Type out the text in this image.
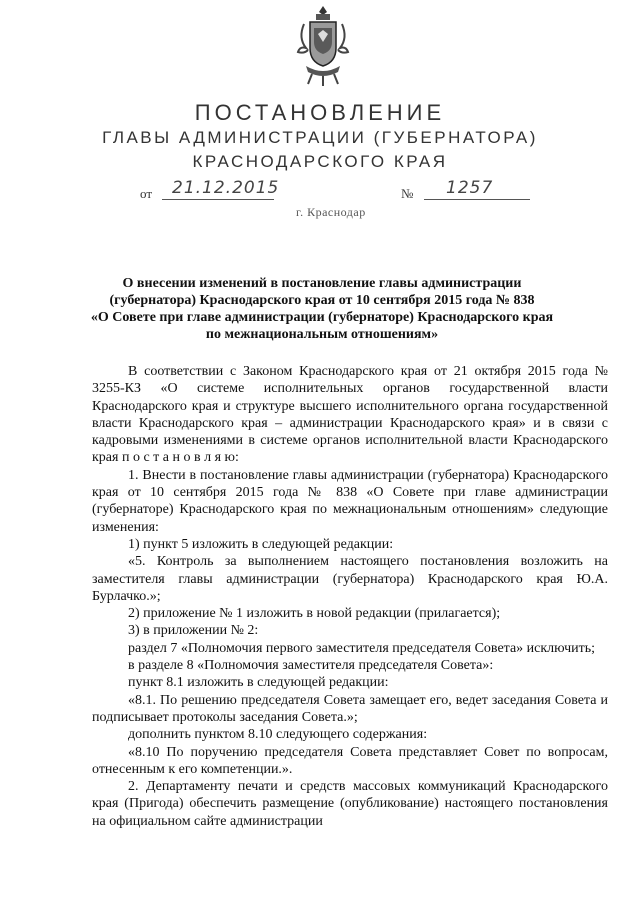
ПОСТАНОВЛЕНИЕ
ГЛАВЫ АДМИНИСТРАЦИИ (ГУБЕРНАТОРА)
КРАСНОДАРСКОГО КРАЯ
от 21.12.2015	№ 1257
г. Краснодар
О внесении изменений в постановление главы администрации
(губернатора) Краснодарского края от 10 сентября 2015 года № 838
«О Совете при главе администрации (губернаторе) Краснодарского края
по межнациональным отношениям»

В соответствии с Законом Краснодарского края от 21 октября 2015 года № 3255-КЗ «О системе исполнительных органов государственной власти Краснодарского края и структуре высшего исполнительного органа государственной власти Краснодарского края – администрации Краснодарского края» и в связи с кадровыми изменениями в системе органов исполнительной власти Краснодарского края п о с т а н о в л я ю:

1. Внести в постановление главы администрации (губернатора) Краснодарского края от 10 сентября 2015 года № 838 «О Совете при главе администрации (губернаторе) Краснодарского края по межнациональным отношениям» следующие изменения:

1) пункт 5 изложить в следующей редакции:

«5. Контроль за выполнением настоящего постановления возложить на заместителя главы администрации (губернатора) Краснодарского края Ю.А. Бурлачко.»;

2) приложение № 1 изложить в новой редакции (прилагается);

3) в приложении № 2:

раздел 7 «Полномочия первого заместителя председателя Совета» исключить;

в разделе 8 «Полномочия заместителя председателя Совета»:

пункт 8.1 изложить в следующей редакции:

«8.1. По решению председателя Совета замещает его, ведет заседания Совета и подписывает протоколы заседания Совета.»;

дополнить пунктом 8.10 следующего содержания:

«8.10 По поручению председателя Совета представляет Совет по вопросам, отнесенным к его компетенции.».

2. Департаменту печати и средств массовых коммуникаций Краснодарского края (Пригода) обеспечить размещение (опубликование) настоящего постановления на официальном сайте администрации
